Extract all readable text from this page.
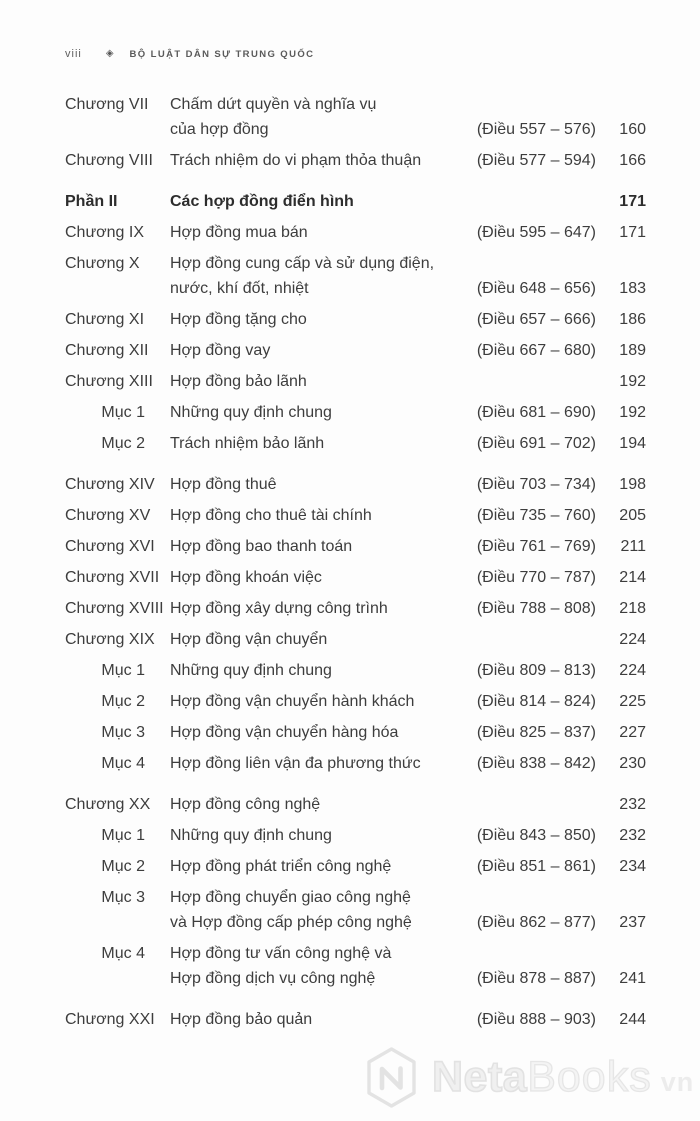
viii ◈ BỘ LUẬT DÂN SỰ TRUNG QUỐC
Chương VII	Chấm dứt quyền và nghĩa vụ
của hợp đồng	(Điều 557 – 576)	160
Chương VIII	Trách nhiệm do vi phạm thỏa thuận	(Điều 577 – 594)	166
Phần II	Các hợp đồng điển hình	171
Chương IX	Hợp đồng mua bán	(Điều 595 – 647)	171
Chương X	Hợp đồng cung cấp và sử dụng điện,
nước, khí đốt, nhiệt	(Điều 648 – 656)	183
Chương XI	Hợp đồng tặng cho	(Điều 657 – 666)	186
Chương XII	Hợp đồng vay	(Điều 667 – 680)	189
Chương XIII	Hợp đồng bảo lãnh	192
Mục 1	Những quy định chung	(Điều 681 – 690)	192
Mục 2	Trách nhiệm bảo lãnh	(Điều 691 – 702)	194
Chương XIV Hợp đồng thuê	(Điều 703 – 734)	198
Chương XV	Hợp đồng cho thuê tài chính	(Điều 735 – 760)	205
Chương XVI Hợp đồng bao thanh toán	(Điều 761 – 769)	211
Chương XVII Hợp đồng khoán việc	(Điều 770 – 787)	214
Chương XVIII Hợp đồng xây dựng công trình	(Điều 788 – 808)	218
Chương XIX Hợp đồng vận chuyển	224
Mục 1	Những quy định chung	(Điều 809 – 813)	224
Mục 2	Hợp đồng vận chuyển hành khách	(Điều 814 – 824)	225
Mục 3	Hợp đồng vận chuyển hàng hóa	(Điều 825 – 837)	227
Mục 4	Hợp đồng liên vận đa phương thức	(Điều 838 – 842)	230
Chương XX	Hợp đồng công nghệ	232
Mục 1	Những quy định chung	(Điều 843 – 850)	232
Mục 2	Hợp đồng phát triển công nghệ	(Điều 851 – 861)	234
Mục 3	Hợp đồng chuyển giao công nghệ
và Hợp đồng cấp phép công nghệ	(Điều 862 – 877)	237
Mục 4	Hợp đồng tư vấn công nghệ và
Hợp đồng dịch vụ công nghệ	(Điều 878 – 887)	241
Chương XXI Hợp đồng bảo quản	(Điều 888 – 903)	244
Neta Books vn
